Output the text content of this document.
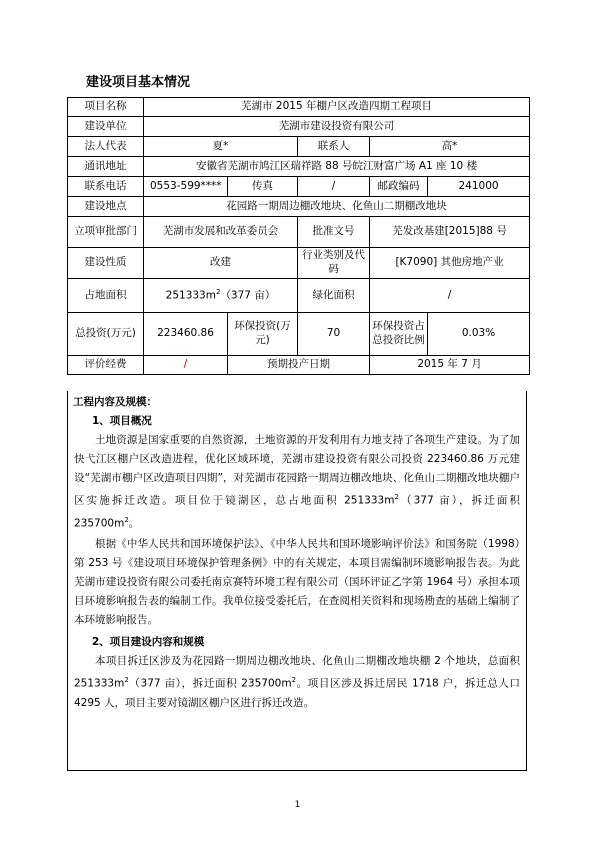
建设项目基本情况
项目名称	芜湖市 2015 年棚户区改造四期工程项目				
建设单位	芜湖市建设投资有限公司				
法人代表	夏*		联系人	高*	
通讯地址	安徽省芜湖市鸠江区瑞祥路 88 号皖江财富广场 A1 座 10 楼				
联系电话	0553-599****	传真	/	邮政编码	241000
建设地点	花园路一期周边棚改地块、化鱼山二期棚改地块				
立项审批部门	芜湖市发展和改革委员会		批准文号	芜发改基建[2015]88 号	
建设性质	改建		行业类别及代码	[K7090] 其他房地产业	
占地面积	$251333m^2(377$ 亩）		绿化面积	/	
总投资(万元)	223460.86	环保投资(万元)	70	环保投资占总投资比例	0.03%
评价经费	/	预期投产日期		2015 年 7 月	
工程内容及规模：
1、项目概况

土地资源是国家重要的自然资源，土地资源的开发利用有力地支持了各项生产建设。为了加快弋江区棚户区改造进程，优化区域环境，芜湖市建设投资有限公司投资 223460.86 万元建设“芜湖市棚户区改造项目四期”，对芜湖市花园路一期周边棚改地块、化鱼山二期棚改地块棚户区实施拆迁改造。项目位于镜湖区，总占地面积 $251333m^2(377$ 亩），拆迁面积 $235700m^2$。

根据《中华人民共和国环境保护法》、《中华人民共和国环境影响评价法》和国务院（1998）第 253 号《建设项目环境保护管理条例》中的有关规定，本项目需编制环境影响报告表。为此芜湖市建设投资有限公司委托南京赛特环境工程有限公司（国环评证乙字第 1964 号）承担本项目环境影响报告表的编制工作。我单位接受委托后，在查阅相关资料和现场勘查的基础上编制了本环境影响报告。

2、项目建设内容和规模

本项目拆迁区涉及为花园路一期周边棚改地块、化鱼山二期棚改地块棚 2 个地块，总面积 $251333m^2(377$ 亩），拆迁面积 $235700m^2$。项目区涉及拆迁居民 1718 户，拆迁总人口 4295 人，项目主要对镜湖区棚户区进行拆迁改造。

1
